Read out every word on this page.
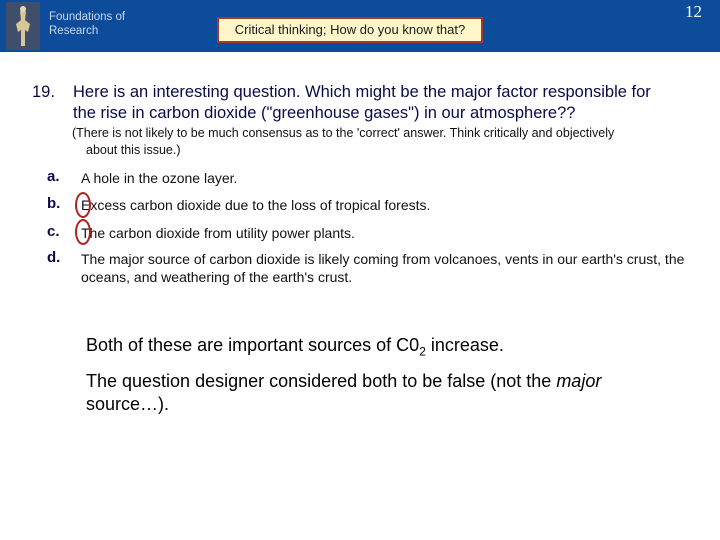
Foundations of
Research
12
Critical thinking; How do you know that?
19. Here is an interesting question. Which might be the major factor responsible for
the rise in carbon dioxide ("greenhouse gases") in our atmosphere??
(There is not likely to be much consensus as to the 'correct' answer. Think critically and objectively
about this issue.)
a. A hole in the ozone layer.
b. Excess carbon dioxide due to the loss of tropical forests.
c. The carbon dioxide from utility power plants.
d. The major source of carbon dioxide is likely coming from volcanoes, vents in our earth's crust, the oceans, and weathering of the earth's crust.
Both of these are important sources of $C0_2$ increase.
The question designer considered both to be false (not the major source…).
